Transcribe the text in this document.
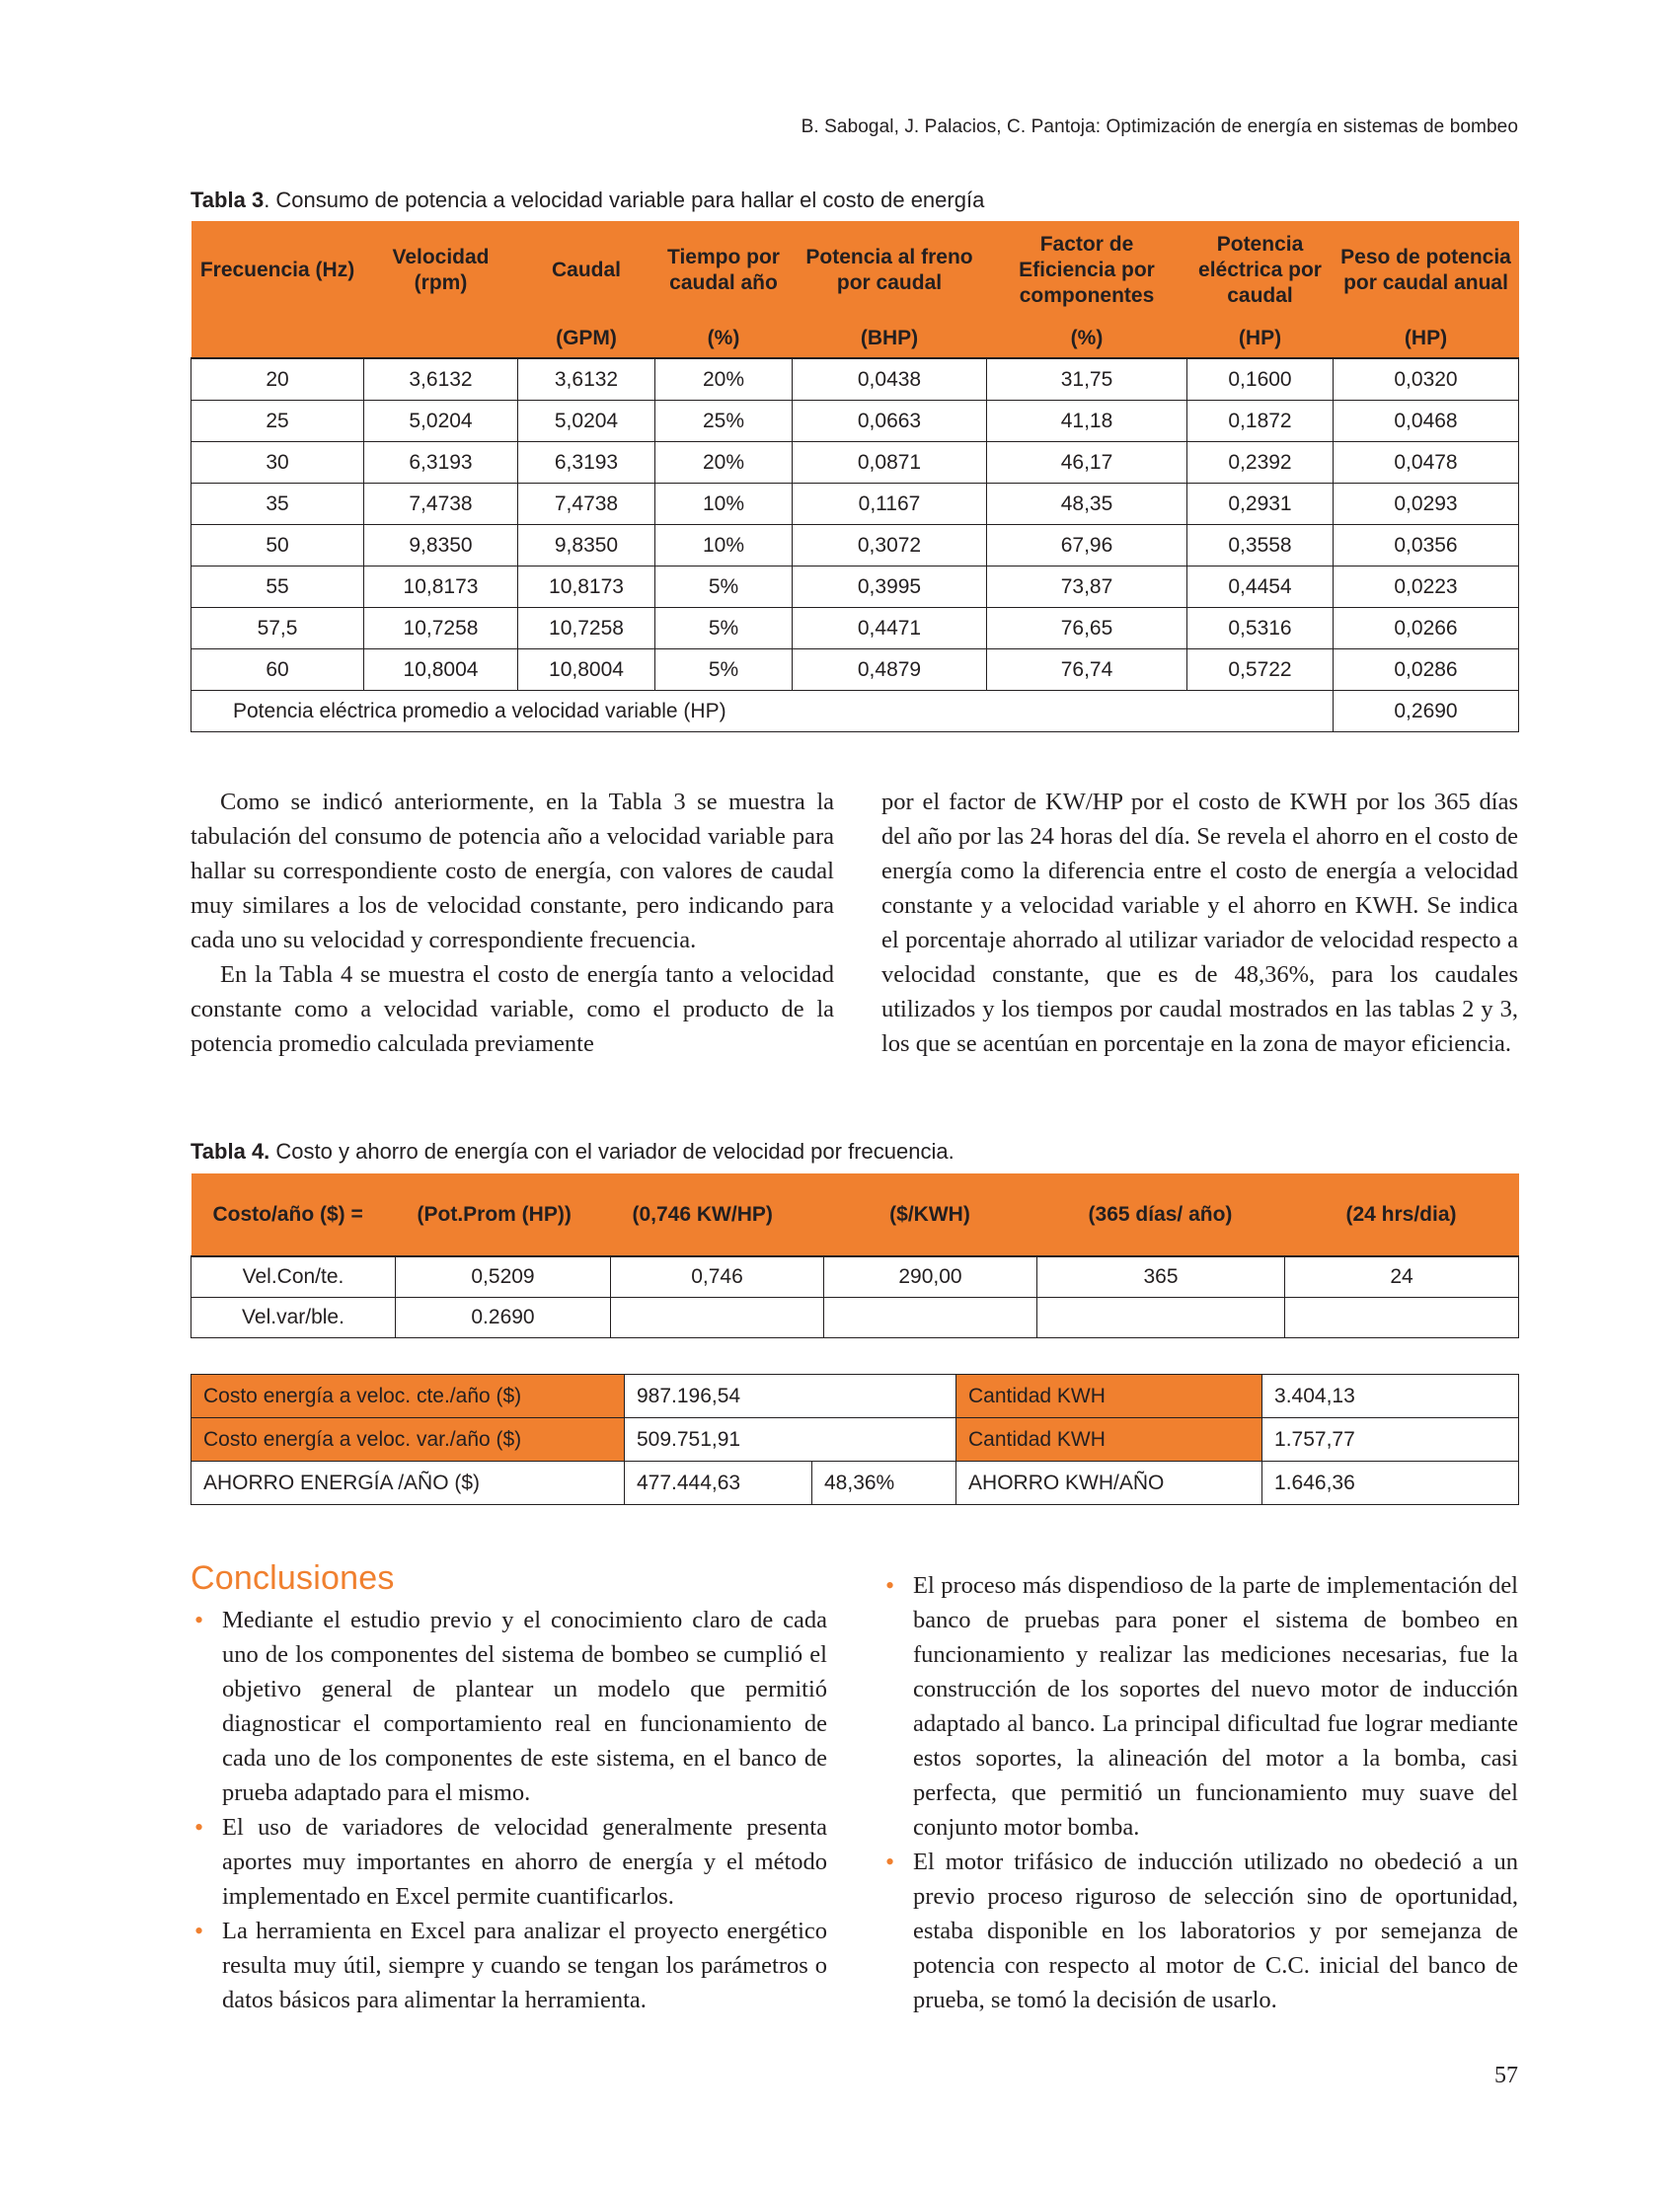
B. Sabogal, J. Palacios, C. Pantoja: Optimización de energía en sistemas de bombeo
Tabla 3. Consumo de potencia a velocidad variable para hallar el costo de energía
Frecuencia (Hz)	Velocidad (rpm)	Caudal	Tiempo por caudal año	Potencia al freno por caudal	Factor de Eficiencia por componentes	Potencia eléctrica por caudal	Peso de potencia por caudal anual
		(GPM)	(%)	(BHP)	(%)	(HP)	(HP)
20	3,6132	3,6132	20%	0,0438	31,75	0,1600	0,0320
25	5,0204	5,0204	25%	0,0663	41,18	0,1872	0,0468
30	6,3193	6,3193	20%	0,0871	46,17	0,2392	0,0478
35	7,4738	7,4738	10%	0,1167	48,35	0,2931	0,0293
50	9,8350	9,8350	10%	0,3072	67,96	0,3558	0,0356
55	10,8173	10,8173	5%	0,3995	73,87	0,4454	0,0223
57,5	10,7258	10,7258	5%	0,4471	76,65	0,5316	0,0266
60	10,8004	10,8004	5%	0,4879	76,74	0,5722	0,0286
Potencia eléctrica promedio a velocidad variable (HP)							0,2690

Como se indicó anteriormente, en la Tabla 3 se muestra la tabulación del consumo de potencia año a velocidad variable para hallar su correspondiente costo de energía, con valores de caudal muy similares a los de velocidad constante, pero indicando para cada uno su velocidad y correspondiente frecuencia.

En la Tabla 4 se muestra el costo de energía tanto a velocidad constante como a velocidad variable, como el producto de la potencia promedio calculada previamente

por el factor de KW/HP por el costo de KWH por los 365 días del año por las 24 horas del día. Se revela el ahorro en el costo de energía como la diferencia entre el costo de energía a velocidad constante y a velocidad variable y el ahorro en KWH. Se indica el porcentaje ahorrado al utilizar variador de velocidad respecto a velocidad constante, que es de 48,36%, para los caudales utilizados y los tiempos por caudal mostrados en las tablas 2 y 3, los que se acentúan en porcentaje en la zona de mayor eficiencia.

Tabla 4. Costo y ahorro de energía con el variador de velocidad por frecuencia.
Costo/año ($) =	(Pot.Prom (HP))	(0,746 KW/HP)	($/KWH)	(365 días/ año)	(24 hrs/dia)
Vel.Con/te.	0,5209	0,746	290,00	365	24
Vel.var/ble.	0.2690				
Costo energía a veloc. cte./año ($)	987.196,54		Cantidad KWH	3.404,13
Costo energía a veloc. var./año ($)	509.751,91		Cantidad KWH	1.757,77
AHORRO ENERGÍA /AÑO ($)	477.444,63	48,36%	AHORRO KWH/AÑO	1.646,36
Conclusiones
• Mediante el estudio previo y el conocimiento claro de cada uno de los componentes del sistema de bombeo se cumplió el objetivo general de plantear un modelo que permitió diagnosticar el comportamiento real en funcionamiento de cada uno de los componentes de este sistema, en el banco de prueba adaptado para el mismo.
• El uso de variadores de velocidad generalmente presenta aportes muy importantes en ahorro de energía y el método implementado en Excel permite cuantificarlos.
• La herramienta en Excel para analizar el proyecto energético resulta muy útil, siempre y cuando se tengan los parámetros o datos básicos para alimentar la herramienta.
• El proceso más dispendioso de la parte de implementación del banco de pruebas para poner el sistema de bombeo en funcionamiento y realizar las mediciones necesarias, fue la construcción de los soportes del nuevo motor de inducción adaptado al banco. La principal dificultad fue lograr mediante estos soportes, la alineación del motor a la bomba, casi perfecta, que permitió un funcionamiento muy suave del conjunto motor bomba.
• El motor trifásico de inducción utilizado no obedeció a un previo proceso riguroso de selección sino de oportunidad, estaba disponible en los laboratorios y por semejanza de potencia con respecto al motor de C.C. inicial del banco de prueba, se tomó la decisión de usarlo.
57
